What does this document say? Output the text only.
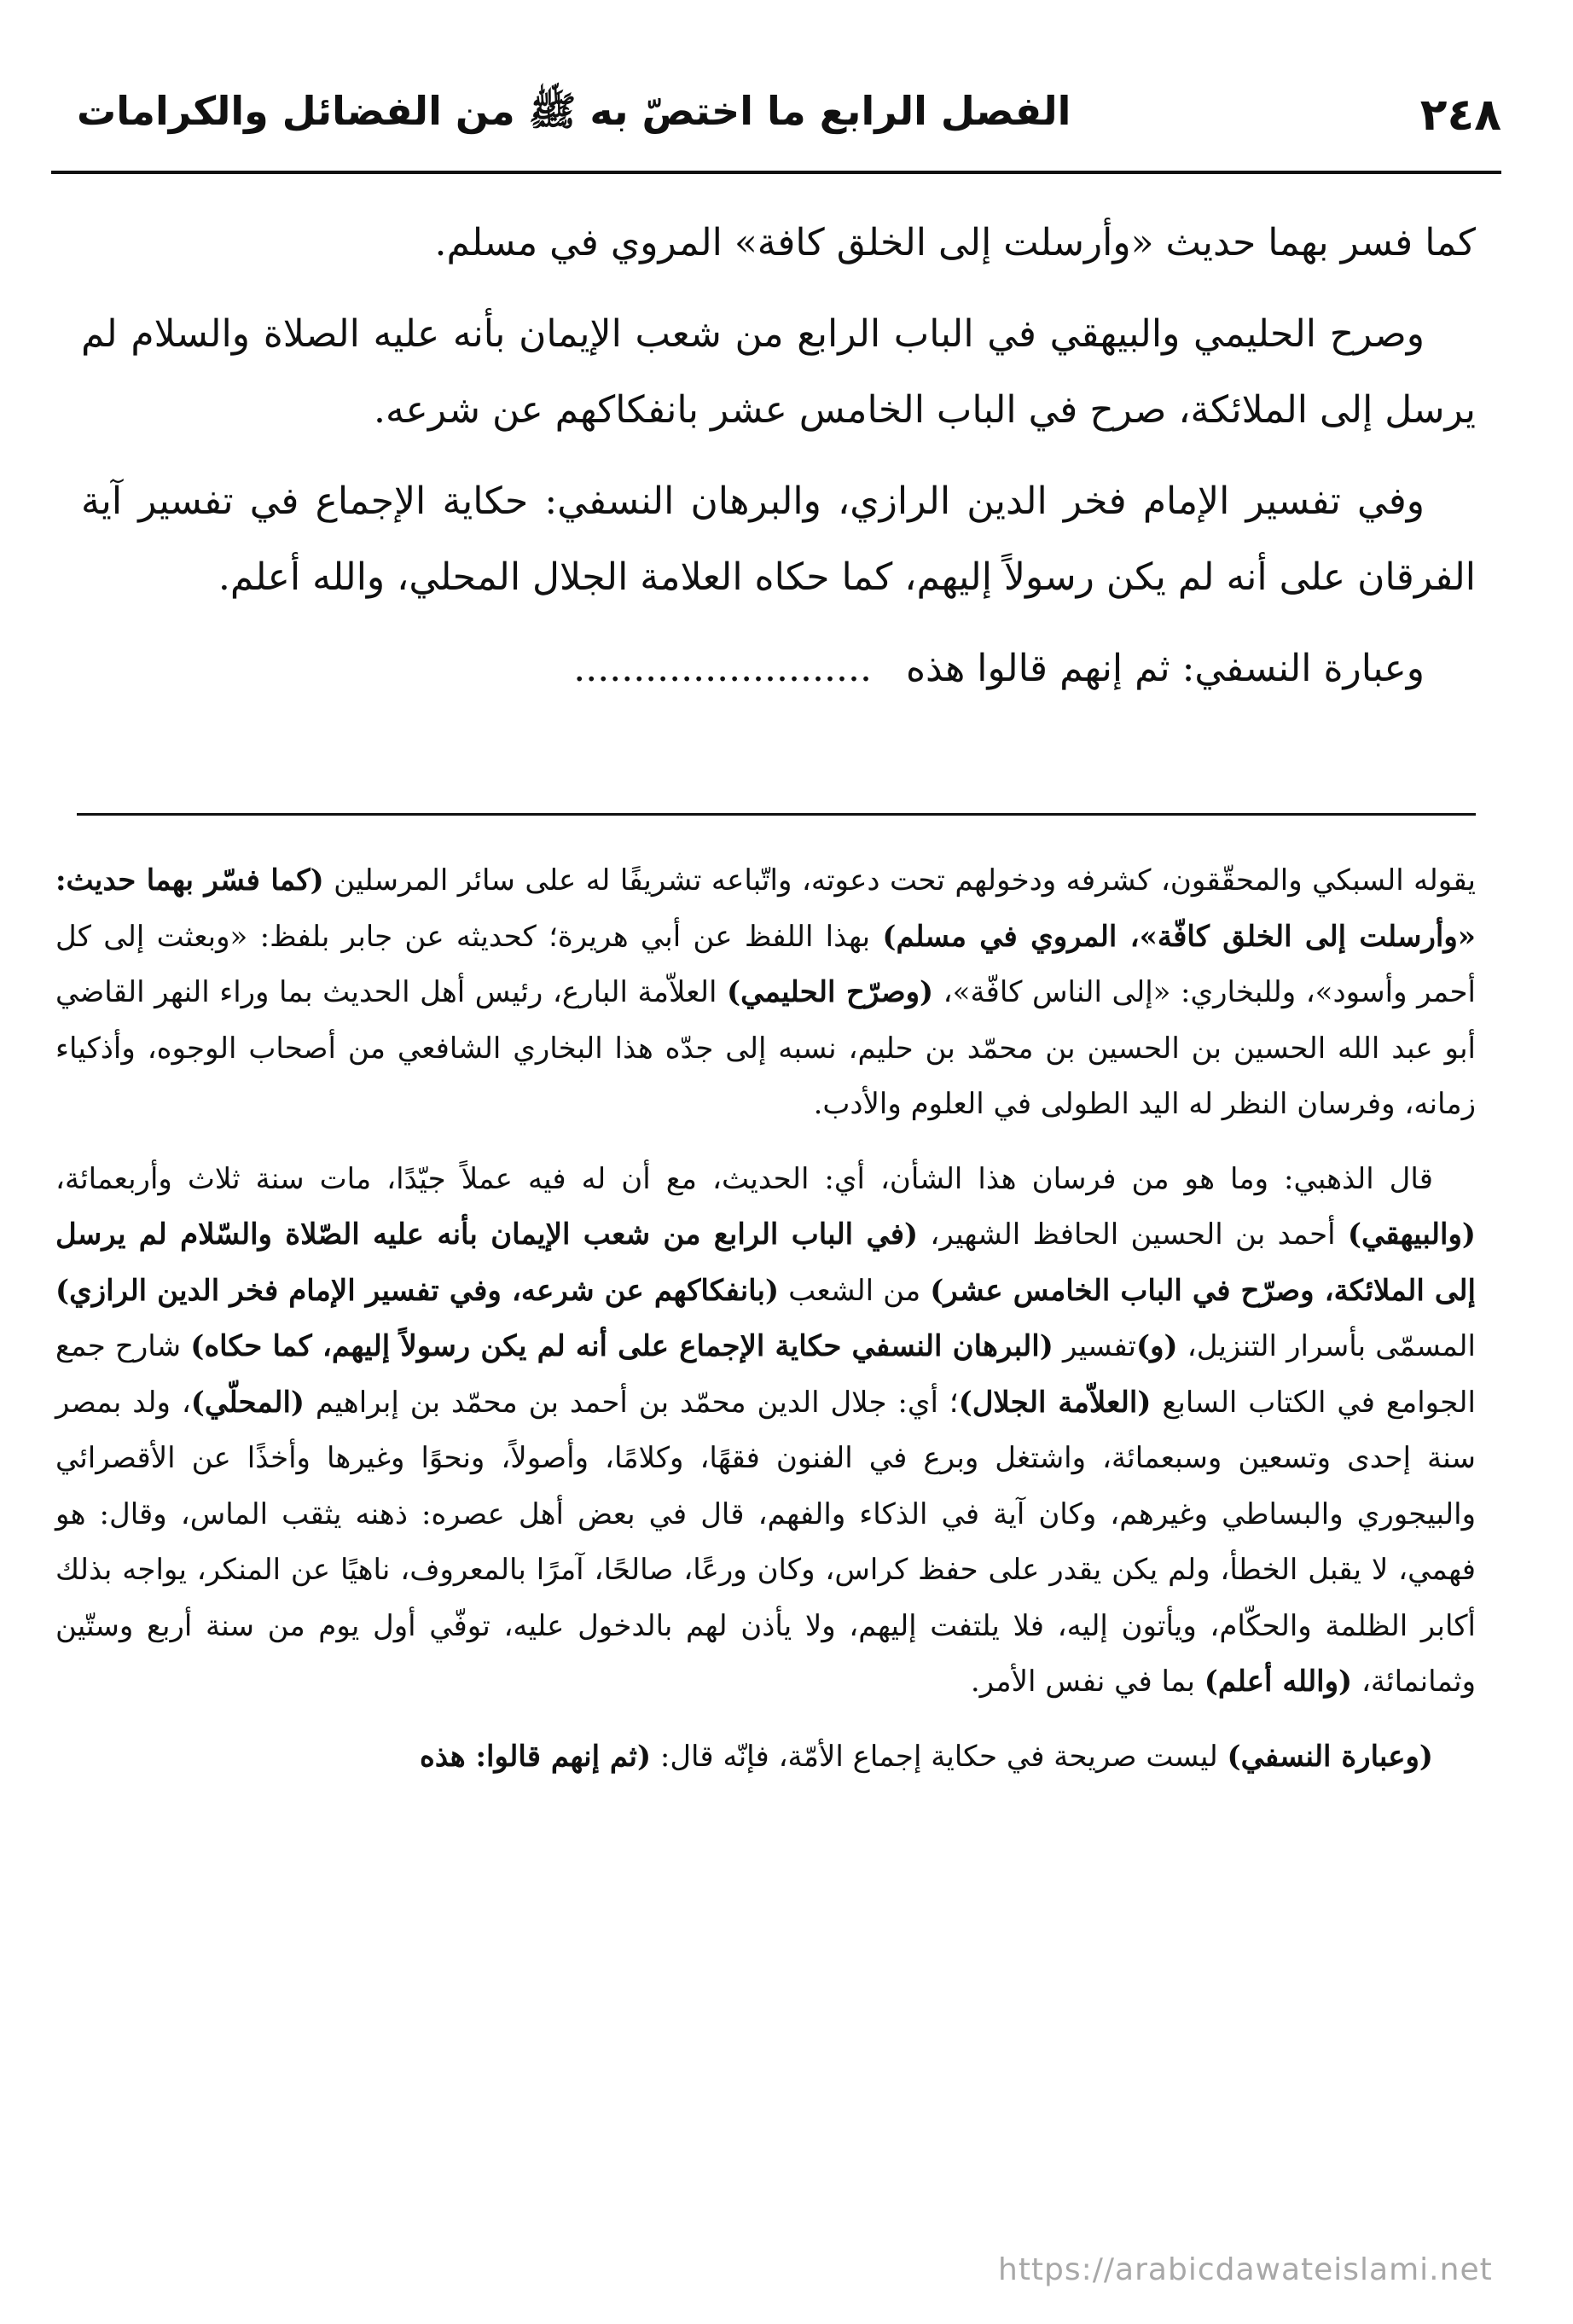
٢٤٨
الفصل الرابع ما اختصّ به ﷺ من الفضائل والكرامات

كما فسر بهما حديث «وأرسلت إلى الخلق كافة» المروي في مسلم.

وصرح الحليمي والبيهقي في الباب الرابع من شعب الإيمان بأنه عليه الصلاة والسلام لم يرسل إلى الملائكة، صرح في الباب الخامس عشر بانفكاكهم عن شرعه.

وفي تفسير الإمام فخر الدين الرازي، والبرهان النسفي: حكاية الإجماع في تفسير آية الفرقان على أنه لم يكن رسولاً إليهم، كما حكاه العلامة الجلال المحلي، والله أعلم.

وعبارة النسفي: ثم إنهم قالوا هذه.........................

يقوله السبكي والمحقّقون، كشرفه ودخولهم تحت دعوته، واتّباعه تشريفًا له على سائر المرسلين (كما فسّر بهما حديث: «وأرسلت إلى الخلق كافّة»، المروي في مسلم) بهذا اللفظ عن أبي هريرة؛ كحديثه عن جابر بلفظ: «وبعثت إلى كل أحمر وأسود»، وللبخاري: «إلى الناس كافّة»، (وصرّح الحليمي) العلاّمة البارع، رئيس أهل الحديث بما وراء النهر القاضي أبو عبد الله الحسين بن الحسين بن محمّد بن حليم، نسبه إلى جدّه هذا البخاري الشافعي من أصحاب الوجوه، وأذكياء زمانه، وفرسان النظر له اليد الطولى في العلوم والأدب.

قال الذهبي: وما هو من فرسان هذا الشأن، أي: الحديث، مع أن له فيه عملاً جيّدًا، مات سنة ثلاث وأربعمائة، (والبيهقي) أحمد بن الحسين الحافظ الشهير، (في الباب الرابع من شعب الإيمان بأنه عليه الصّلاة والسّلام لم يرسل إلى الملائكة، وصرّح في الباب الخامس عشر) من الشعب (بانفكاكهم عن شرعه، وفي تفسير الإمام فخر الدين الرازي) المسمّى بأسرار التنزيل، (و)تفسير (البرهان النسفي حكاية الإجماع على أنه لم يكن رسولاً إليهم، كما حكاه) شارح جمع الجوامع في الكتاب السابع (العلاّمة الجلال)؛ أي: جلال الدين محمّد بن أحمد بن محمّد بن إبراهيم (المحلّي)، ولد بمصر سنة إحدى وتسعين وسبعمائة، واشتغل وبرع في الفنون فقهًا، وكلامًا، وأصولاً، ونحوًا وغيرها وأخذًا عن الأقصرائي والبيجوري والبساطي وغيرهم، وكان آية في الذكاء والفهم، قال في بعض أهل عصره: ذهنه يثقب الماس، وقال: هو فهمي، لا يقبل الخطأ، ولم يكن يقدر على حفظ كراس، وكان ورعًا، صالحًا، آمرًا بالمعروف، ناهيًا عن المنكر، يواجه بذلك أكابر الظلمة والحكّام، ويأتون إليه، فلا يلتفت إليهم، ولا يأذن لهم بالدخول عليه، توفّي أول يوم من سنة أربع وستّين وثمانمائة، (والله أعلم) بما في نفس الأمر.

(وعبارة النسفي) ليست صريحة في حكاية إجماع الأمّة، فإنّه قال: (ثم إنهم قالوا: هذه

https://arabicdawateislami.net
